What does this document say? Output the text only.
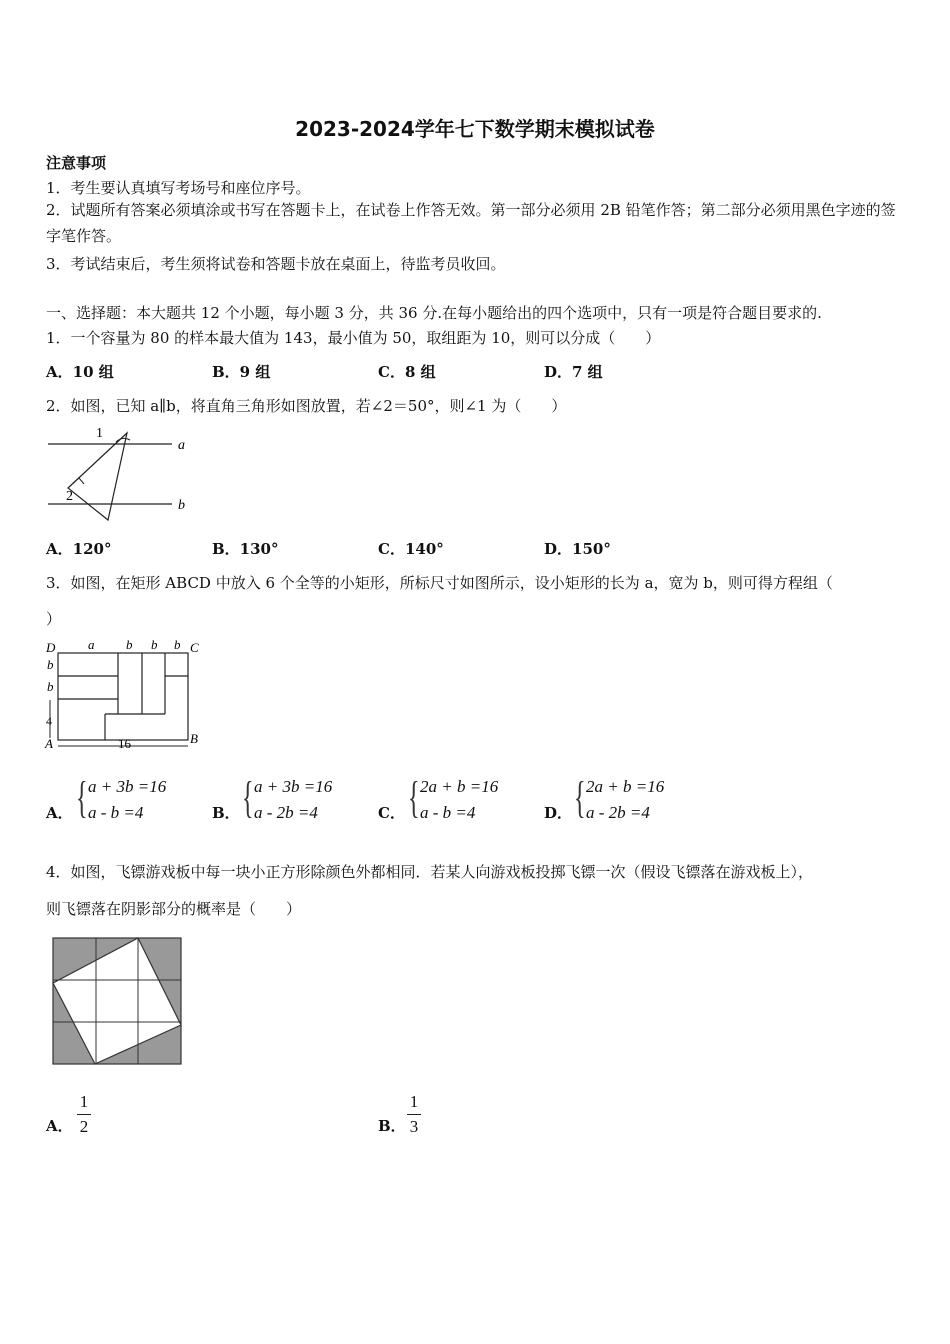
2023-2024学年七下数学期末模拟试卷
注意事项
1．考生要认真填写考场号和座位序号。
2．试题所有答案必须填涂或书写在答题卡上，在试卷上作答无效。第一部分必须用 2B 铅笔作答；第二部分必须用黑色字迹的签字笔作答。
3．考试结束后，考生须将试卷和答题卡放在桌面上，待监考员收回。
一、选择题：本大题共 12 个小题，每小题 3 分，共 36 分.在每小题给出的四个选项中，只有一项是符合题目要求的.
1．一个容量为 80 的样本最大值为 143，最小值为 50，取组距为 10，则可以分成（　　）
A．10 组	B．9 组	C．8 组	D．7 组
2．如图，已知 a∥b，将直角三角形如图放置，若∠2＝50°，则∠1 为（　　）
1
2
a
b
A．120°	B．130°	C．140°	D．150°
3．如图，在矩形 ABCD 中放入 6 个全等的小矩形，所标尺寸如图所示，设小矩形的长为 a，宽为 b，则可得方程组（
）
D	C
A	B
a b b b
b
b
4
16
A． { a + 3b =16
a - b =4	B． { a + 3b =16
a - 2b =4	C． { 2a + b =16
a - b =4	D． { 2a + b =16
a - 2b =4
4．如图，飞镖游戏板中每一块小正方形除颜色外都相同．若某人向游戏板投掷飞镖一次（假设飞镖落在游戏板上），
则飞镖落在阴影部分的概率是（　　）
A．
1
2	B．
1
3
